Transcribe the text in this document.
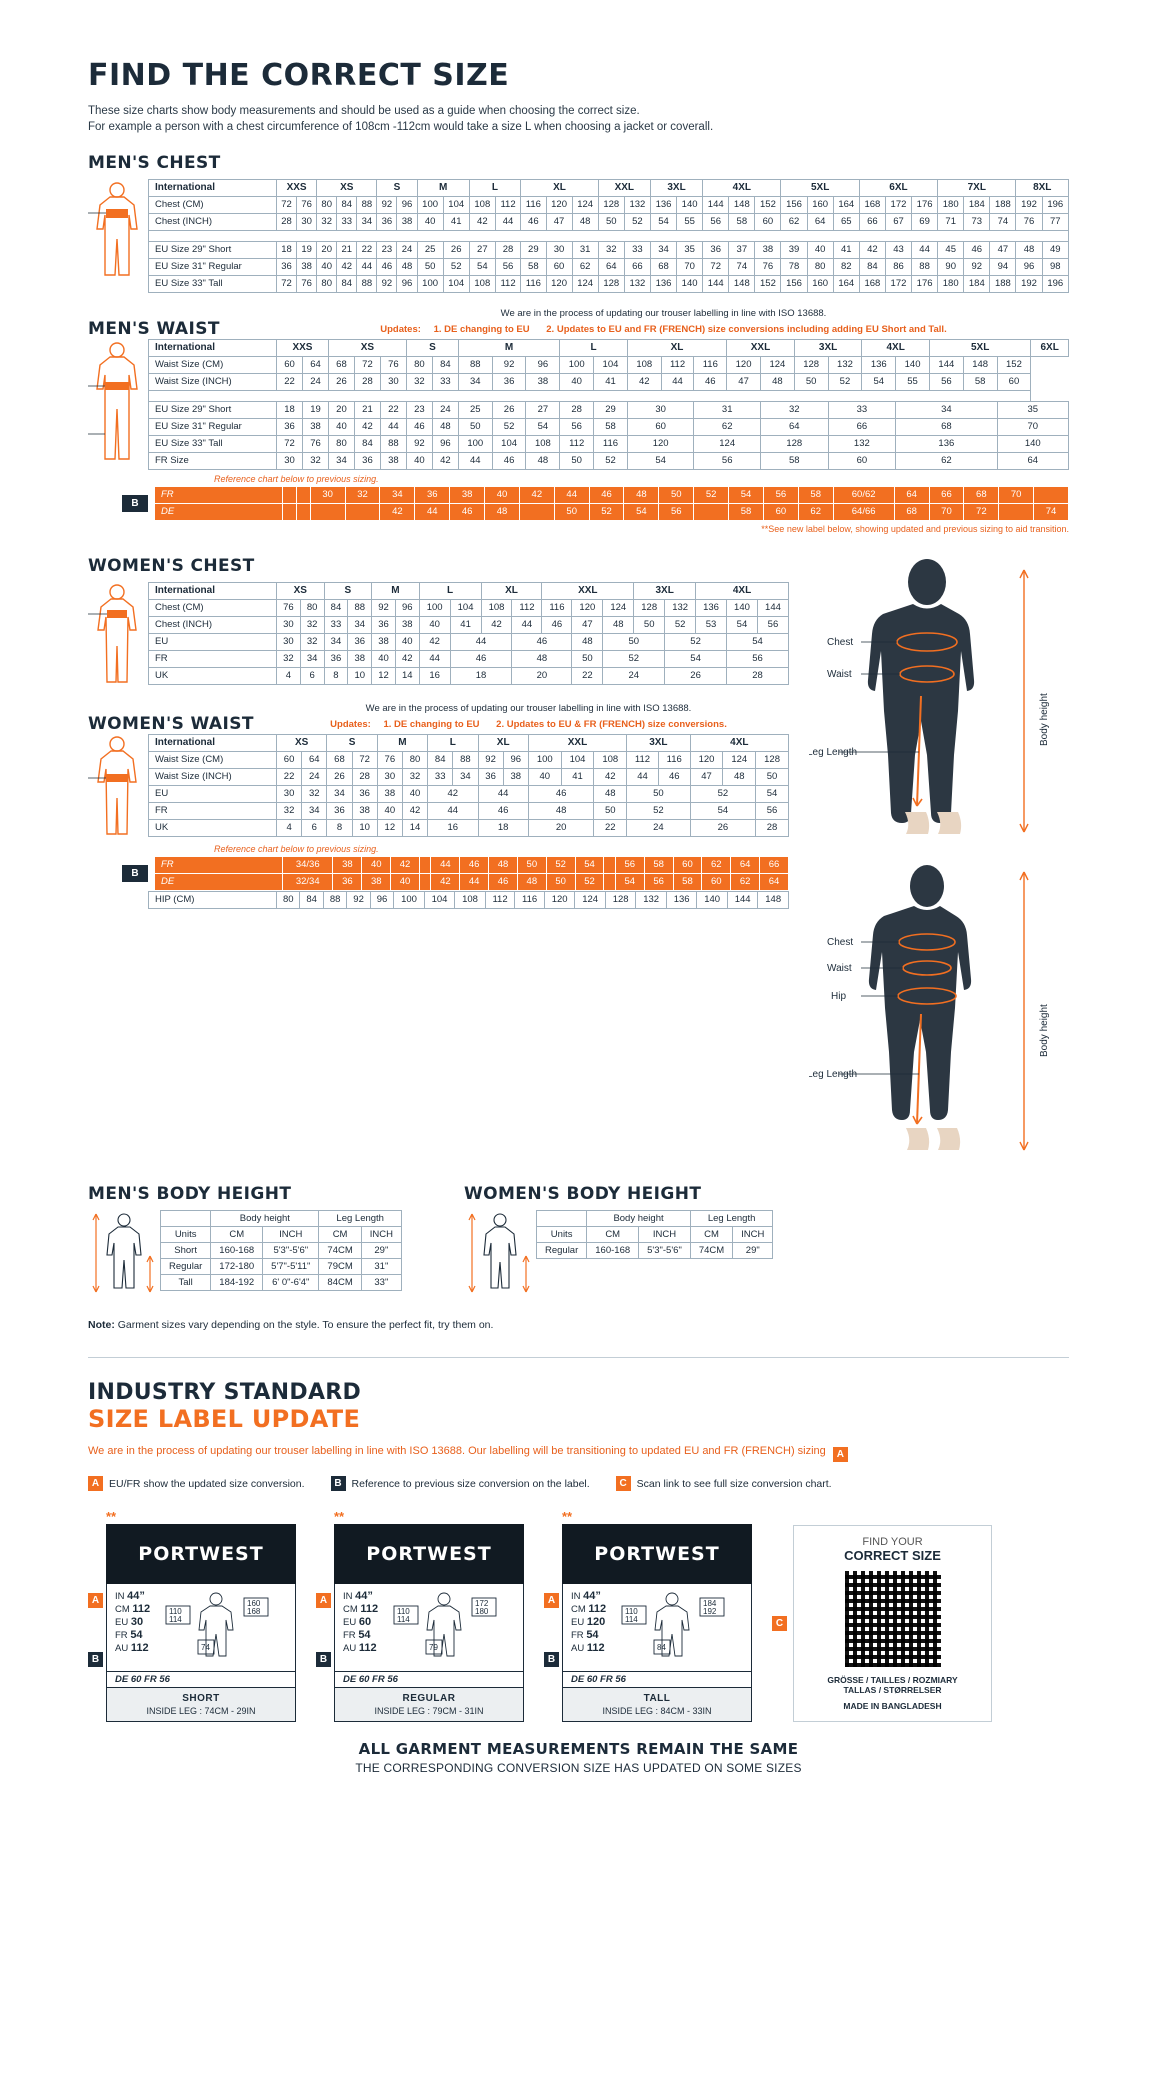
FIND THE CORRECT SIZE
These size charts show body measurements and should be used as a guide when choosing the correct size.
For example a person with a chest circumference of 108cm -112cm would take a size L when choosing a jacket or coverall.
MEN'S CHEST
International	XXS		XS			S		M		L		XL			XXL		3XL		4XL			5XL			6XL			7XL			8XL	
Chest (CM)	72	76	80	84	88	92	96	100	104	108	112	116	120	124	128	132	136	140	144	148	152	156	160	164	168	172	176	180	184	188	192	196
Chest (INCH)	28	30	32	33	34	36	38	40	41	42	44	46	47	48	50	52	54	55	56	58	60	62	64	65	66	67	69	71	73	74	76	77

EU Size 29" Short	18	19	20	21	22	23	24	25	26	27	28	29	30	31	32	33	34	35	36	37	38	39	40	41	42	43	44	45	46	47	48	49
EU Size 31" Regular	36	38	40	42	44	46	48	50	52	54	56	58	60	62	64	66	68	70	72	74	76	78	80	82	84	86	88	90	92	94	96	98
EU Size 33" Tall	72	76	80	84	88	92	96	100	104	108	112	116	120	124	128	132	136	140	144	148	152	156	160	164	168	172	176	180	184	188	192	196
MEN'S WAIST
We are in the process of updating our trouser labelling in line with ISO 13688.
Updates: 1. DE changing to EU 2. Updates to EU and FR (FRENCH) size conversions including adding EU Short and Tall.
International	XXS		XS			S		M			L		XL			XXL		3XL		4XL		5XL			6XL
Waist Size (CM)	60	64	68	72	76	80	84	88	92	96	100	104	108	112	116	120	124	128	132	136	140	144	148	152	
Waist Size (INCH)	22	24	26	28	30	32	33	34	36	38	40	41	42	44	46	47	48	50	52	54	55	56	58	60	

EU Size 29" Short	18	19	20	21	22	23	24	25	26	27	28	29	30		31		32		33		34			35	
EU Size 31" Regular	36	38	40	42	44	46	48	50	52	54	56	58	60		62		64		66		68			70	
EU Size 33" Tall	72	76	80	84	88	92	96	100	104	108	112	116	120		124		128		132		136			140	
FR Size	30	32	34	36	38	40	42	44	46	48	50	52	54		56		58		60		62			64	
Reference chart below to previous sizing.
B
FR			30	32	34	36	38	40	42	44	46	48	50	52	54	56	58	60/62	64	66	68	70	
DE					42	44	46	48		50	52	54	56		58	60	62	64/66	68	70	72		74
**See new label below, showing updated and previous sizing to aid transition.
WOMEN'S CHEST
International	XS		S		M		L		XL		XXL			3XL		4XL		
Chest (CM)	76	80	84	88	92	96	100	104	108	112	116	120	124	128	132	136	140	144
Chest (INCH)	30	32	33	34	36	38	40	41	42	44	46	47	48	50	52	53	54	56
EU	30	32	34	36	38	40	42	44		46		48	50		52		54	
FR	32	34	36	38	40	42	44	46		48		50	52		54		56	
UK	4	6	8	10	12	14	16	18		20		22	24		26		28	
WOMEN'S WAIST
We are in the process of updating our trouser labelling in line with ISO 13688.
Updates: 1. DE changing to EU 2. Updates to EU & FR (FRENCH) size conversions.
International	XS		S		M		L		XL		XXL			3XL		4XL		
Waist Size (CM)	60	64	68	72	76	80	84	88	92	96	100	104	108	112	116	120	124	128
Waist Size (INCH)	22	24	26	28	30	32	33	34	36	38	40	41	42	44	46	47	48	50
EU	30	32	34	36	38	40	42		44		46		48	50		52		54
FR	32	34	36	38	40	42	44		46		48		50	52		54		56
UK	4	6	8	10	12	14	16		18		20		22	24		26		28
Reference chart below to previous sizing.
B
FR	34/36	38	40	42		44	46	48	50	52	54		56	58	60	62	64	66
DE	32/34	36	38	40		42	44	46	48	50	52		54	56	58	60	62	64
HIP (CM)	80	84	88	92	96	100	104	108	112	116	120	124	128	132	136	140	144	148
Chest
Waist
Leg Length
Body height
Chest
Waist
Hip
Leg Length
Body height
MEN'S BODY HEIGHT
	Body height		Leg Length	
Units	CM	INCH	CM	INCH
Short	160-168	5'3"-5'6"	74CM	29"
Regular	172-180	5'7"-5'11"	79CM	31"
Tall	184-192	6' 0"-6'4"	84CM	33"
WOMEN'S BODY HEIGHT
	Body height		Leg Length	
Units	CM	INCH	CM	INCH
Regular	160-168	5'3"-5'6"	74CM	29"
Note: Garment sizes vary depending on the style. To ensure the perfect fit, try them on.
INDUSTRY STANDARD
SIZE LABEL UPDATE
We are in the process of updating our trouser labelling in line with ISO 13688. Our labelling will be transitioning to updated EU and FR (FRENCH) sizing A
A EU/FR show the updated size conversion.	B Reference to previous size conversion on the label.	C Scan link to see full size conversion chart.
**
A B
PORTWEST
IN 44”
CM 112
EU 30
FR 54
AU 112
110
114
160
168
74
DE 60 FR 56
SHORT
INSIDE LEG : 74CM - 29IN
**
A B
PORTWEST
IN 44”
CM 112
EU 60
FR 54
AU 112
110
114
172
180
79
DE 60 FR 56
REGULAR
INSIDE LEG : 79CM - 31IN
**
A B
PORTWEST
IN 44”
CM 112
EU 120
FR 54
AU 112
110
114
184
192
84
DE 60 FR 56
TALL
INSIDE LEG : 84CM - 33IN
C
FIND YOUR
CORRECT SIZE
GRÖSSE / TAILLES / ROZMIARY
TALLAS / STØRRELSER
MADE IN BANGLADESH
ALL GARMENT MEASUREMENTS REMAIN THE SAME
THE CORRESPONDING CONVERSION SIZE HAS UPDATED ON SOME SIZES
